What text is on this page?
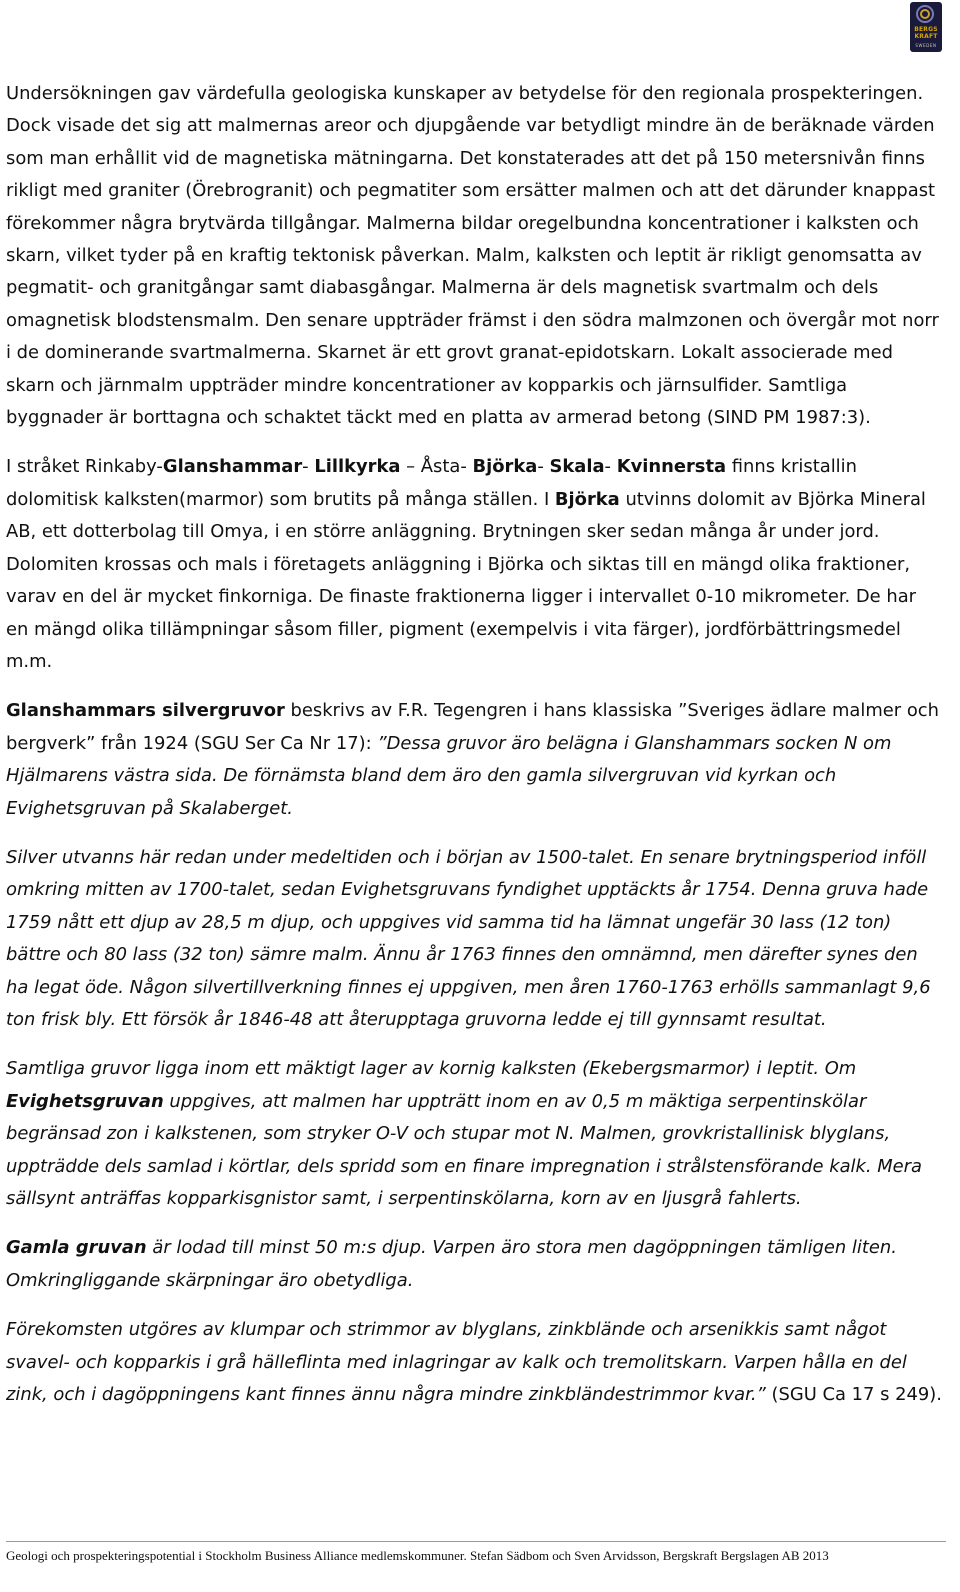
BERGS
KRAFT
SWEDEN

Undersökningen gav värdefulla geologiska kunskaper av betydelse för den regionala prospekteringen. Dock visade det sig att malmernas areor och djupgående var betydligt mindre än de beräknade värden som man erhållit vid de magnetiska mätningarna. Det konstaterades att det på 150 metersnivån finns rikligt med graniter (Örebrogranit) och pegmatiter som ersätter malmen och att det därunder knappast förekommer några brytvärda tillgångar. Malmerna bildar oregelbundna koncentrationer i kalksten och skarn, vilket tyder på en kraftig tektonisk påverkan. Malm, kalksten och leptit är rikligt genomsatta av pegmatit- och granitgångar samt diabasgångar. Malmerna är dels magnetisk svartmalm och dels omagnetisk blodstensmalm. Den senare uppträder främst i den södra malmzonen och övergår mot norr i de dominerande svartmalmerna. Skarnet är ett grovt granat-epidotskarn. Lokalt associerade med skarn och järnmalm uppträder mindre koncentrationer av kopparkis och järnsulfider. Samtliga byggnader är borttagna och schaktet täckt med en platta av armerad betong (SIND PM 1987:3).

I stråket Rinkaby-Glanshammar- Lillkyrka – Åsta- Björka- Skala- Kvinnersta finns kristallin dolomitisk kalksten(marmor) som brutits på många ställen. I Björka utvinns dolomit av Björka Mineral AB, ett dotterbolag till Omya, i en större anläggning. Brytningen sker sedan många år under jord. Dolomiten krossas och mals i företagets anläggning i Björka och siktas till en mängd olika fraktioner, varav en del är mycket finkorniga. De finaste fraktionerna ligger i intervallet 0-10 mikrometer. De har en mängd olika tillämpningar såsom filler, pigment (exempelvis i vita färger), jordförbättringsmedel m.m.

Glanshammars silvergruvor beskrivs av F.R. Tegengren i hans klassiska ”Sveriges ädlare malmer och bergverk” från 1924 (SGU Ser Ca Nr 17): ”Dessa gruvor äro belägna i Glanshammars socken N om Hjälmarens västra sida. De förnämsta bland dem äro den gamla silvergruvan vid kyrkan och Evighetsgruvan på Skalaberget.

Silver utvanns här redan under medeltiden och i början av 1500-talet. En senare brytningsperiod inföll omkring mitten av 1700-talet, sedan Evighetsgruvans fyndighet upptäckts år 1754. Denna gruva hade 1759 nått ett djup av 28,5 m djup, och uppgives vid samma tid ha lämnat ungefär 30 lass (12 ton) bättre och 80 lass (32 ton) sämre malm. Ännu år 1763 finnes den omnämnd, men därefter synes den ha legat öde. Någon silvertillverkning finnes ej uppgiven, men åren 1760-1763 erhölls sammanlagt 9,6 ton frisk bly. Ett försök år 1846-48 att återupptaga gruvorna ledde ej till gynnsamt resultat.

Samtliga gruvor ligga inom ett mäktigt lager av kornig kalksten (Ekebergsmarmor) i leptit. Om Evighetsgruvan uppgives, att malmen har uppträtt inom en av 0,5 m mäktiga serpentinskölar begränsad zon i kalkstenen, som stryker O-V och stupar mot N. Malmen, grovkristallinisk blyglans, uppträdde dels samlad i körtlar, dels spridd som en finare impregnation i strålstensförande kalk. Mera sällsynt anträffas kopparkisgnistor samt, i serpentinskölarna, korn av en ljusgrå fahlerts.

Gamla gruvan är lodad till minst 50 m:s djup. Varpen äro stora men dagöppningen tämligen liten. Omkringliggande skärpningar äro obetydliga.

Förekomsten utgöres av klumpar och strimmor av blyglans, zinkblände och arsenikkis samt något svavel- och kopparkis i grå hälleflinta med inlagringar av kalk och tremolitskarn. Varpen hålla en del zink, och i dagöppningens kant finnes ännu några mindre zinkbländestrimmor kvar.” (SGU Ca 17 s 249).

Geologi och prospekteringspotential i Stockholm Business Alliance medlemskommuner. Stefan Sädbom och Sven Arvidsson, Bergskraft Bergslagen AB 2013
